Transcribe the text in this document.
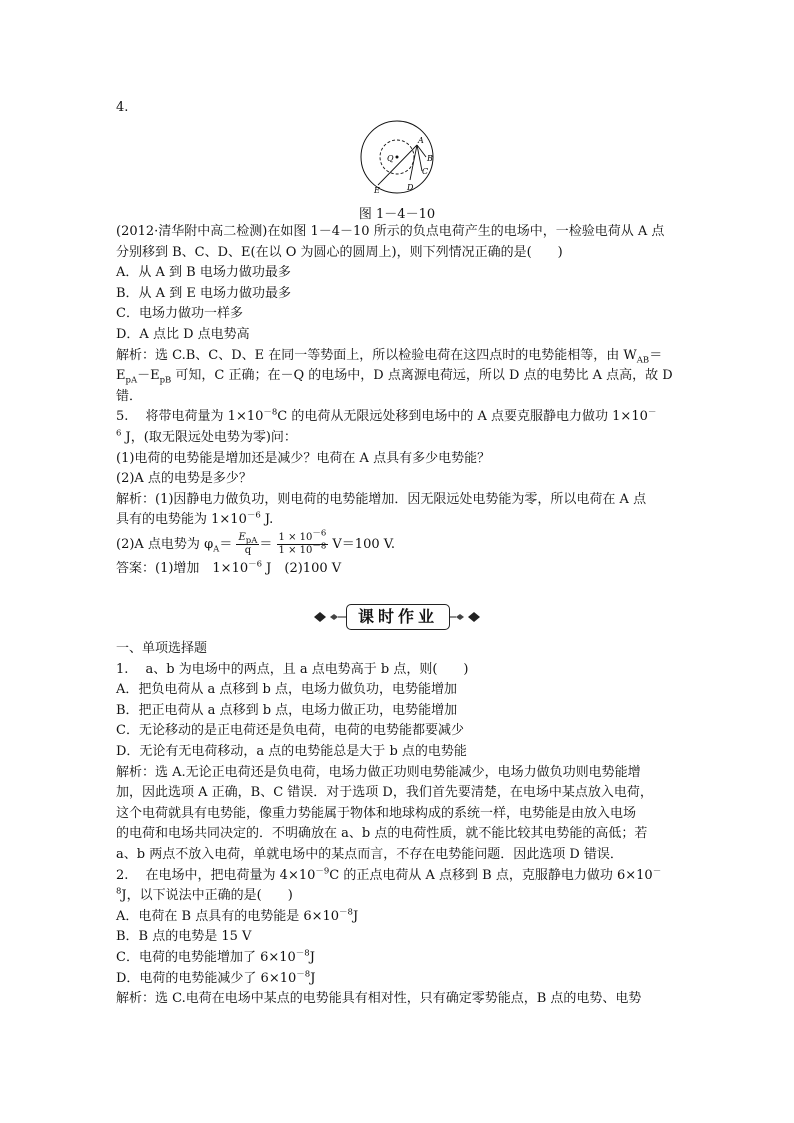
4.
A
B
C
D
E
Q
图 1－4－10

(2012·清华附中高二检测)在如图 1－4－10 所示的负点电荷产生的电场中，一检验电荷从 A 点

分别移到 B、C、D、E(在以 O 为圆心的圆周上)，则下列情况正确的是(　　)

A．从 A 到 B 电场力做功最多

B．从 A 到 E 电场力做功最多

C．电场力做功一样多

D．A 点比 D 点电势高

解析：选 C.B、C、D、E 在同一等势面上，所以检验电荷在这四点时的电势能相等，由 $W_{AB}=$

$E_{pA}-E_{pB}$ 可知，C 正确；在－Q 的电场中，D 点离源电荷远，所以 D 点的电势比 A 点高，故 D

错．

5.　 将带电荷量为 $1\times 10^{-8}C$ 的电荷从无限远处移到电场中的 A 点要克服静电力做功 1×10－

$^6$ J，(取无限远处电势为零)问：

(1)电荷的电势能是增加还是减少？电荷在 A 点具有多少电势能？

(2)A 点的电势是多少？

解析：(1)因静电力做负功，则电荷的电势能增加．因无限远处电势能为零，所以电荷在 A 点

具有的电势能为 $1\times 10^{-6}$ J.

(2)A 点电势为 $\varphi_A= \frac{E_{pA}}{q} = \frac{1 \times 10^{-6}}{1 \times 10^{-8}} V=100$ V.

答案：(1)增加　$1\times 10^{-6}$ J　(2)100 V

课时作业

一、单项选择题

1.　 a、b 为电场中的两点，且 a 点电势高于 b 点，则(　　)

A．把负电荷从 a 点移到 b 点，电场力做负功，电势能增加

B．把正电荷从 a 点移到 b 点，电场力做正功，电势能增加

C．无论移动的是正电荷还是负电荷，电荷的电势能都要减少

D．无论有无电荷移动，a 点的电势能总是大于 b 点的电势能

解析：选 A.无论正电荷还是负电荷，电场力做正功则电势能减少，电场力做负功则电势能增

加，因此选项 A 正确，B、C 错误．对于选项 D，我们首先要清楚，在电场中某点放入电荷，

这个电荷就具有电势能，像重力势能属于物体和地球构成的系统一样，电势能是由放入电场

的电荷和电场共同决定的．不明确放在 a、b 点的电荷性质，就不能比较其电势能的高低；若

a、b 两点不放入电荷，单就电场中的某点而言，不存在电势能问题．因此选项 D 错误．

2.　 在电场中，把电荷量为 $4\times 10^{-9}C$ 的正点电荷从 A 点移到 B 点，克服静电力做功 6×10－

$^8$J，以下说法中正确的是(　　)

A．电荷在 B 点具有的电势能是 $6\times 10^{-8}J$

B．B 点的电势是 15 V

C．电荷的电势能增加了 $6\times 10^{-8}J$

D．电荷的电势能减少了 $6\times 10^{-8}J$

解析：选 C.电荷在电场中某点的电势能具有相对性，只有确定零势能点，B 点的电势、电势
